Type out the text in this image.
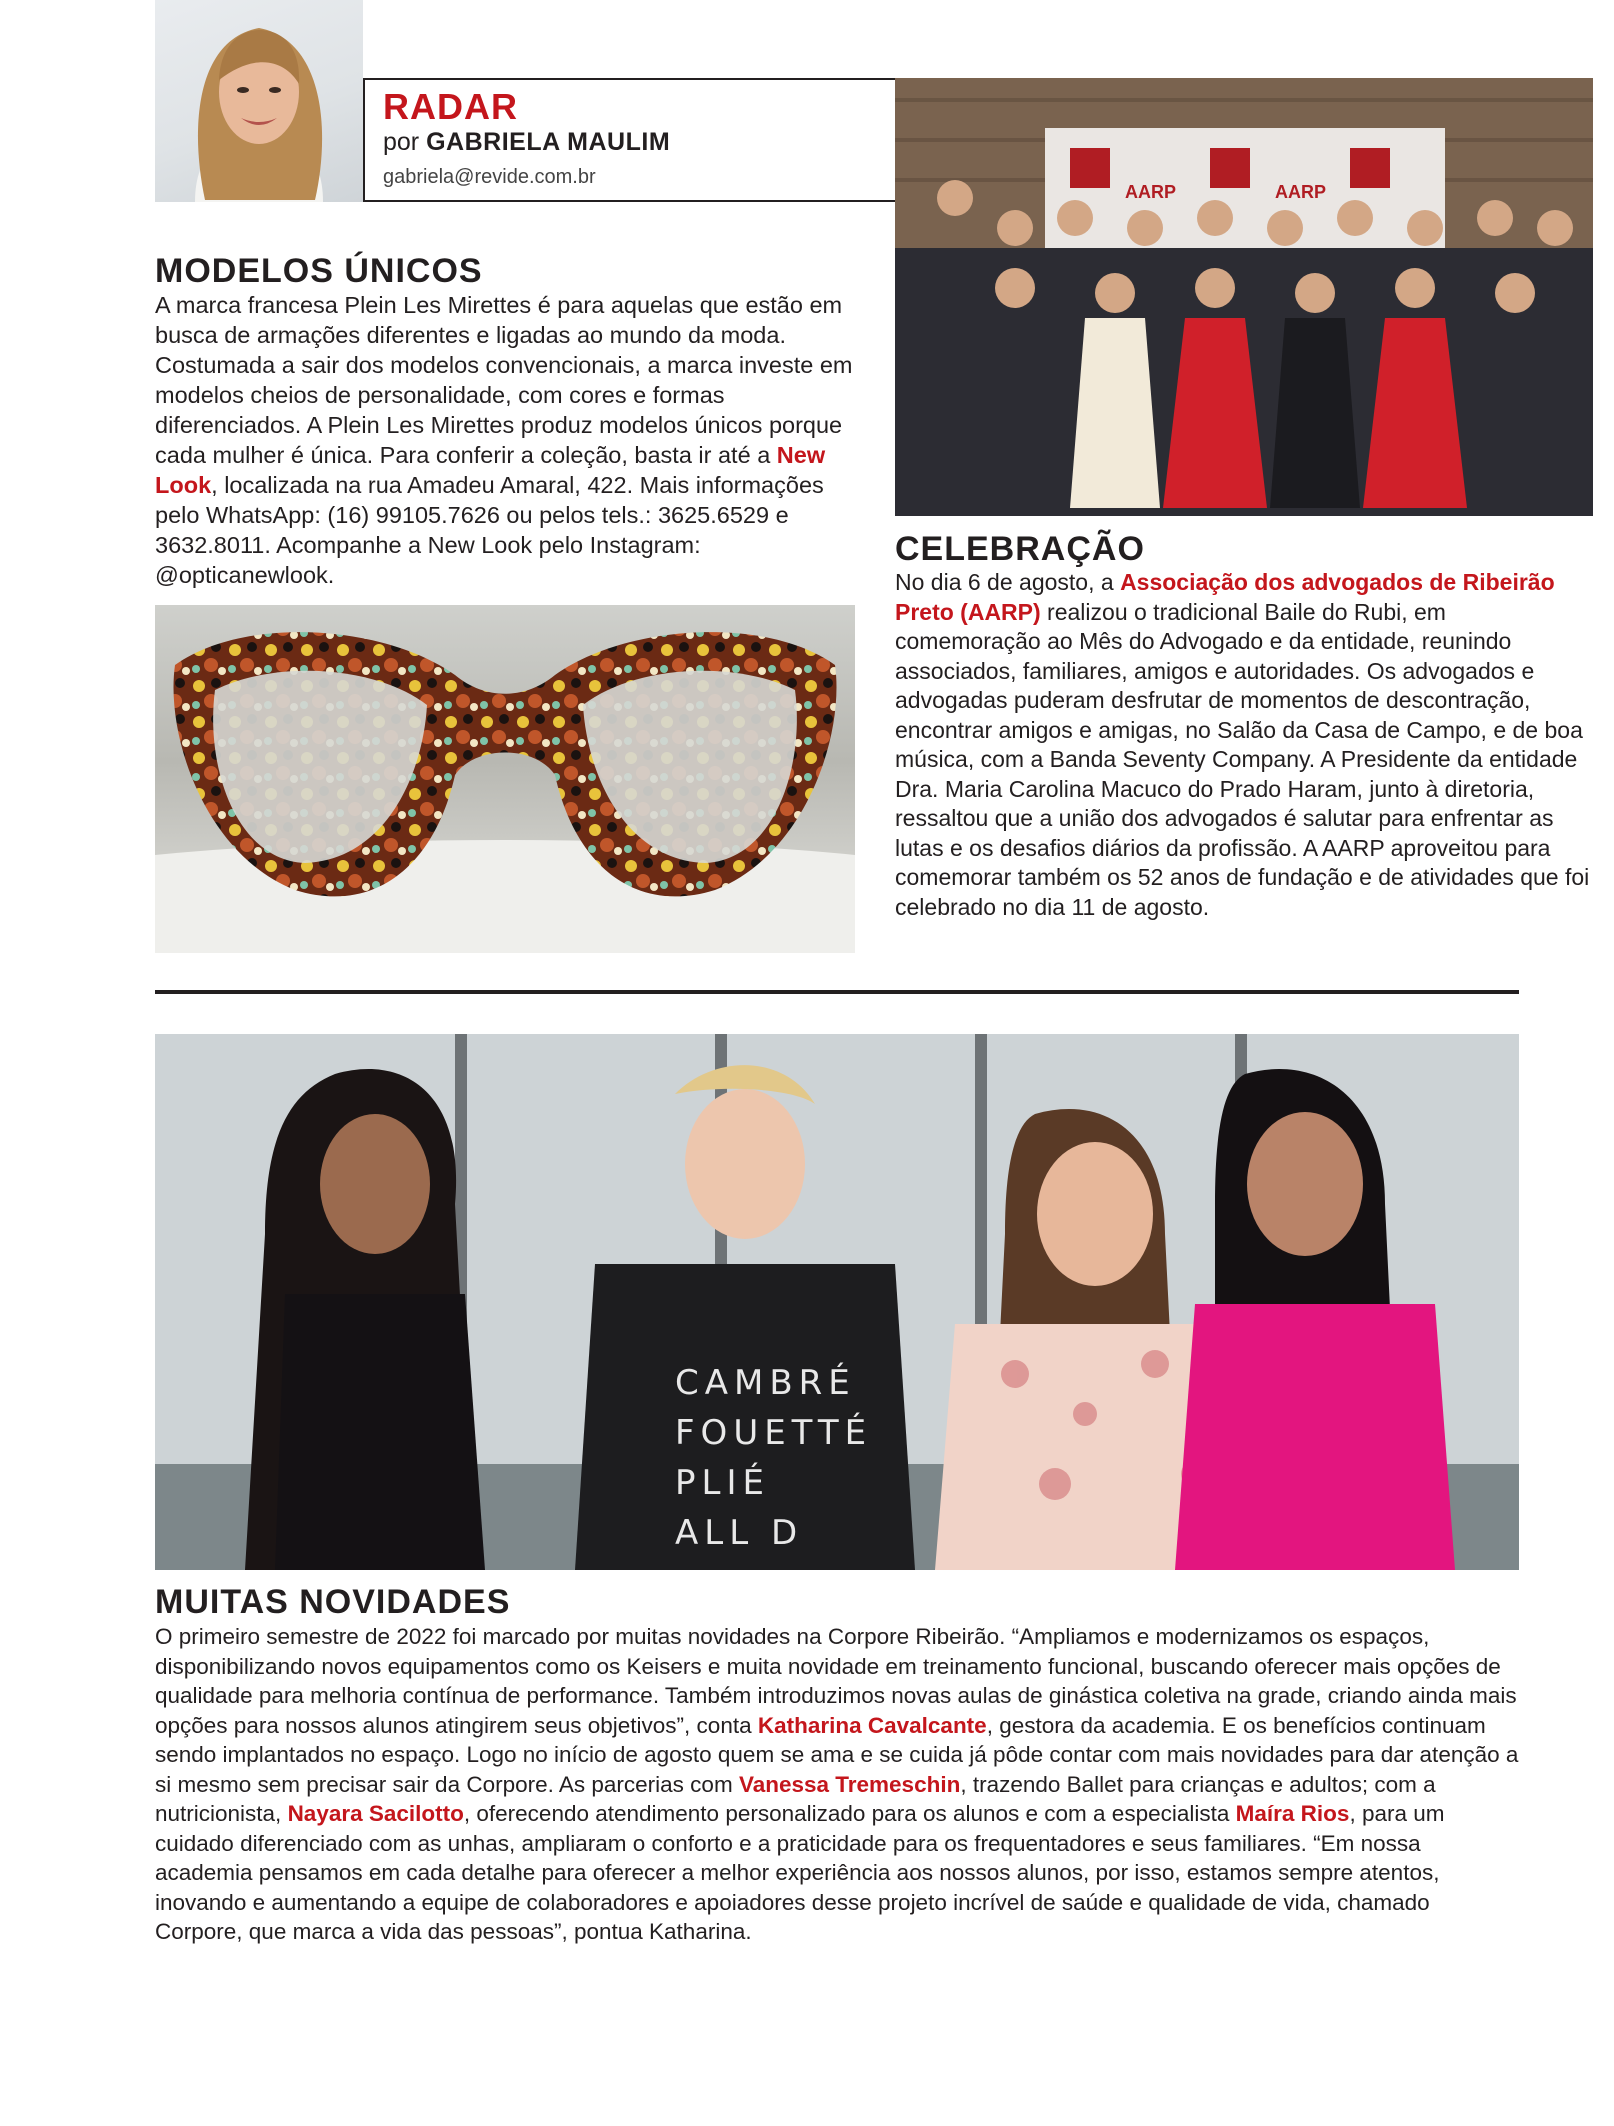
RADAR
por GABRIELA MAULIM
gabriela@revide.com.br
MODELOS ÚNICOS
A marca francesa Plein Les Mirettes é para aquelas que estão em busca de armações diferentes e ligadas ao mundo da moda. Costumada a sair dos modelos convencionais, a marca investe em modelos cheios de personalidade, com cores e formas diferenciados. A Plein Les Mirettes produz modelos únicos porque cada mulher é única. Para conferir a coleção, basta ir até a New Look, localizada na rua Amadeu Amaral, 422. Mais informações pelo WhatsApp: (16) 99105.7626 ou pelos tels.: 3625.6529 e 3632.8011. Acompanhe a New Look pelo Instagram: @opticanewlook.
AARP	AARP
CELEBRAÇÃO
No dia 6 de agosto, a Associação dos advogados de Ribeirão Preto (AARP) realizou o tradicional Baile do Rubi, em comemoração ao Mês do Advogado e da entidade, reunindo associados, familiares, amigos e autoridades. Os advogados e advogadas puderam desfrutar de momentos de descontração, encontrar amigos e amigas, no Salão da Casa de Campo, e de boa música, com a Banda Seventy Company. A Presidente da entidade Dra. Maria Carolina Macuco do Prado Haram, junto à diretoria, ressaltou que a união dos advogados é salutar para enfrentar as lutas e os desafios diários da profissão. A AARP aproveitou para comemorar também os 52 anos de fundação e de atividades que foi celebrado no dia 11 de agosto.
CAMBRÉ
FOUETTÉ
PLIÉ
ALL D
MUITAS NOVIDADES
O primeiro semestre de 2022 foi marcado por muitas novidades na Corpore Ribeirão. “Ampliamos e modernizamos os espaços, disponibilizando novos equipamentos como os Keisers e muita novidade em treinamento funcional, buscando oferecer mais opções de qualidade para melhoria contínua de performance. Também introduzimos novas aulas de ginástica coletiva na grade, criando ainda mais opções para nossos alunos atingirem seus objetivos”, conta Katharina Cavalcante, gestora da academia. E os benefícios continuam sendo implantados no espaço. Logo no início de agosto quem se ama e se cuida já pôde contar com mais novidades para dar atenção a si mesmo sem precisar sair da Corpore. As parcerias com Vanessa Tremeschin, trazendo Ballet para crianças e adultos; com a nutricionista, Nayara Sacilotto, oferecendo atendimento personalizado para os alunos e com a especialista Maíra Rios, para um cuidado diferenciado com as unhas, ampliaram o conforto e a praticidade para os frequentadores e seus familiares. “Em nossa academia pensamos em cada detalhe para oferecer a melhor experiência aos nossos alunos, por isso, estamos sempre atentos, inovando e aumentando a equipe de colaboradores e apoiadores desse projeto incrível de saúde e qualidade de vida, chamado Corpore, que marca a vida das pessoas”, pontua Katharina.
